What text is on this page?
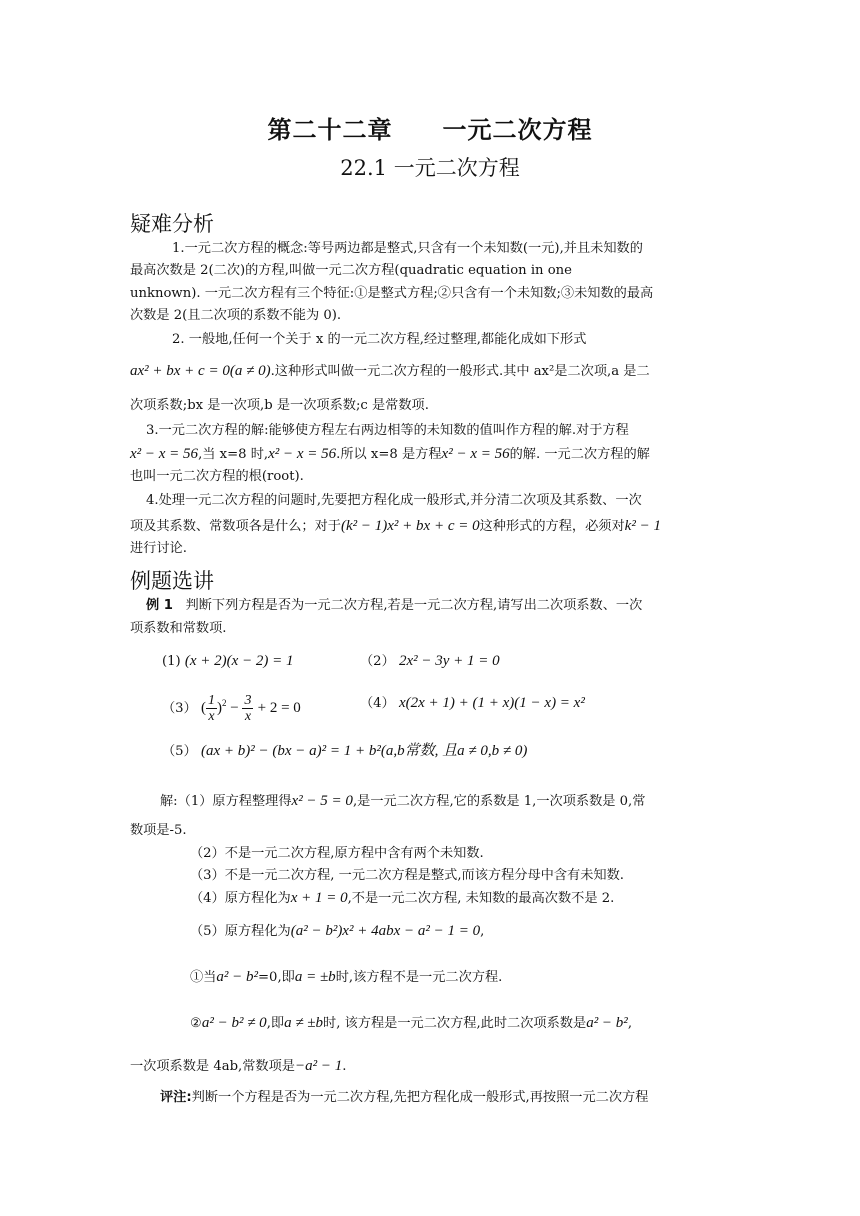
第二十二章　　一元二次方程
22.1 一元二次方程
疑难分析
1.一元二次方程的概念:等号两边都是整式,只含有一个未知数(一元),并且未知数的
最高次数是 2(二次)的方程,叫做一元二次方程(quadratic equation in one
unknown). 一元二次方程有三个特征:①是整式方程;②只含有一个未知数;③未知数的最高
次数是 2(且二次项的系数不能为 0).
2. 一般地,任何一个关于 x 的一元二次方程,经过整理,都能化成如下形式
ax² + bx + c = 0(a ≠ 0).这种形式叫做一元二次方程的一般形式.其中 ax²是二次项,a 是二
次项系数;bx 是一次项,b 是一次项系数;c 是常数项.
3.一元二次方程的解:能够使方程左右两边相等的未知数的值叫作方程的解.对于方程
x² − x = 56,当 x=8 时,x² − x = 56.所以 x=8 是方程x² − x = 56的解. 一元二次方程的解
也叫一元二次方程的根(root).
4.处理一元二次方程的问题时,先要把方程化成一般形式,并分清二次项及其系数、一次
项及其系数、常数项各是什么；对于(k² − 1)x² + bx + c = 0这种形式的方程，必须对k² − 1
进行讨论.
例题选讲
例 1 判断下列方程是否为一元二次方程,若是一元二次方程,请写出二次项系数、一次
项系数和常数项.
(1) (x + 2)(x − 2) = 1	（2） 2x² − 3y + 1 = 0
（3） ( $\frac{1}{x} )^2 - \frac{3}{x} + 2 = 0$	（4） x(2x + 1) + (1 + x)(1 − x) = x²
（5） (ax + b)² − (bx − a)² = 1 + b²(a,b常数, 且a ≠ 0,b ≠ 0)
解:（1）原方程整理得x² − 5 = 0,是一元二次方程,它的系数是 1,一次项系数是 0,常
数项是-5.
（2）不是一元二次方程,原方程中含有两个未知数.
（3）不是一元二次方程, 一元二次方程是整式,而该方程分母中含有未知数.
（4）原方程化为x + 1 = 0,不是一元二次方程, 未知数的最高次数不是 2.
（5）原方程化为(a² − b²)x² + 4abx − a² − 1 = 0,
①当a² − b²=0,即a = ±b时,该方程不是一元二次方程.
②a² − b² ≠ 0,即a ≠ ±b时, 该方程是一元二次方程,此时二次项系数是a² − b²,
一次项系数是 4ab,常数项是−a² − 1.
评注:判断一个方程是否为一元二次方程,先把方程化成一般形式,再按照一元二次方程
